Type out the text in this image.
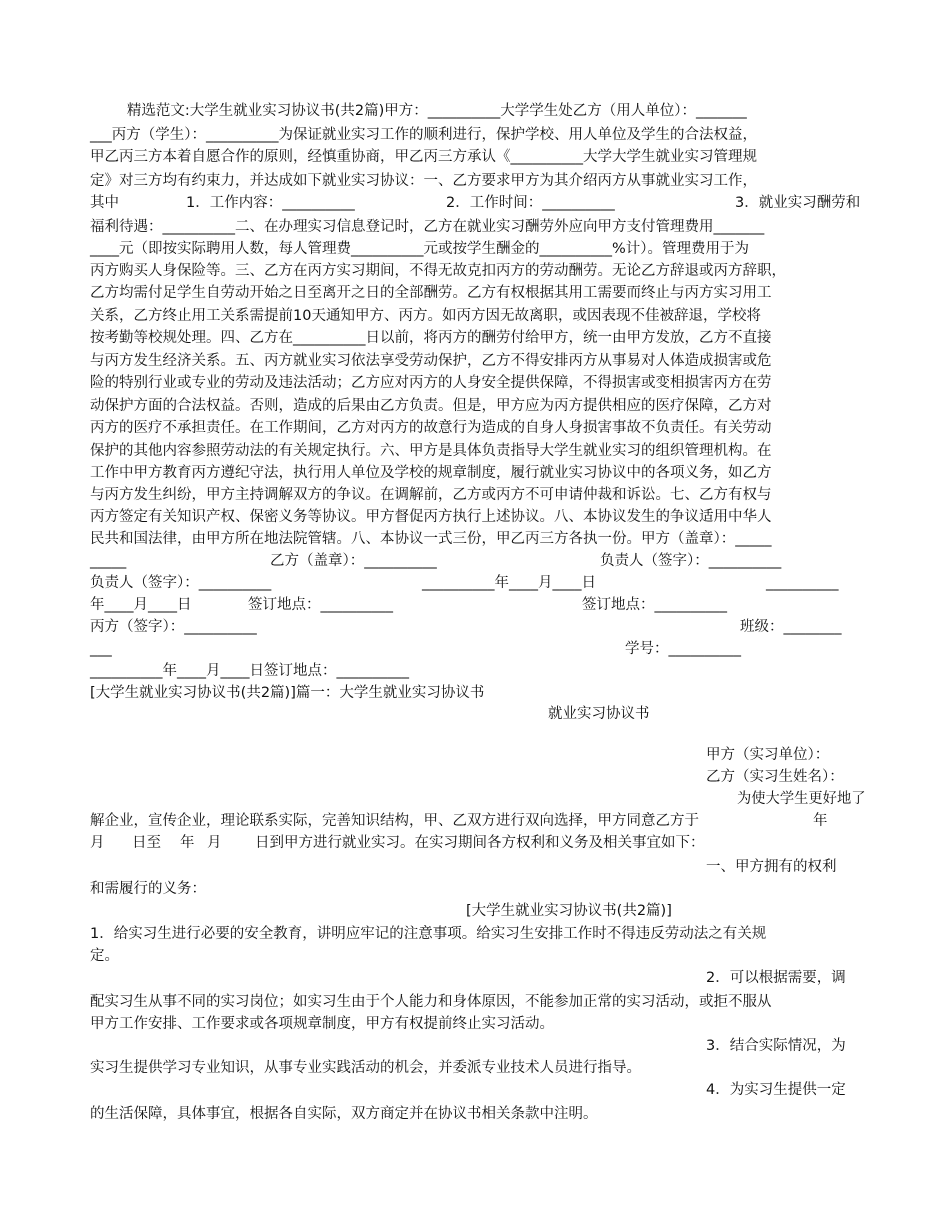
精选范文:大学生就业实习协议书(共2篇)甲方：__________大学学生处乙方（用人单位）：_______
___丙方（学生）：__________为保证就业实习工作的顺利进行，保护学校、用人单位及学生的合法权益，
甲乙丙三方本着自愿合作的原则，经慎重协商，甲乙丙三方承认《__________大学大学生就业实习管理规
定》对三方均有约束力，并达成如下就业实习协议：一、乙方要求甲方为其介绍丙方从事就业实习工作，
其中	1．工作内容：__________	2．工作时间：__________	3．就业实习酬劳和
福利待遇：__________二、在办理实习信息登记时，乙方在就业实习酬劳外应向甲方支付管理费用_______
____元（即按实际聘用人数，每人管理费__________元或按学生酬金的__________%计）。管理费用于为
丙方购买人身保险等。三、乙方在丙方实习期间，不得无故克扣丙方的劳动酬劳。无论乙方辞退或丙方辞职，
乙方均需付足学生自劳动开始之日至离开之日的全部酬劳。乙方有权根据其用工需要而终止与丙方实习用工
关系，乙方终止用工关系需提前10天通知甲方、丙方。如丙方因无故离职，或因表现不佳被辞退，学校将
按考勤等校规处理。四、乙方在__________日以前，将丙方的酬劳付给甲方，统一由甲方发放，乙方不直接
与丙方发生经济关系。五、丙方就业实习依法享受劳动保护，乙方不得安排丙方从事易对人体造成损害或危
险的特别行业或专业的劳动及违法活动；乙方应对丙方的人身安全提供保障，不得损害或变相损害丙方在劳
动保护方面的合法权益。否则，造成的后果由乙方负责。但是，甲方应为丙方提供相应的医疗保障，乙方对
丙方的医疗不承担责任。在工作期间，乙方对丙方的故意行为造成的自身人身损害事故不负责任。有关劳动
保护的其他内容参照劳动法的有关规定执行。六、甲方是具体负责指导大学生就业实习的组织管理机构。在
工作中甲方教育丙方遵纪守法，执行用人单位及学校的规章制度，履行就业实习协议中的各项义务，如乙方
与丙方发生纠纷，甲方主持调解双方的争议。在调解前，乙方或丙方不可申请仲裁和诉讼。七、乙方有权与
丙方签定有关知识产权、保密义务等协议。甲方督促丙方执行上述协议。八、本协议发生的争议适用中华人
民共和国法律，由甲方所在地法院管辖。八、本协议一式三份，甲乙丙三方各执一份。甲方（盖章）：_____
_____	乙方（盖章）：__________	负责人（签字）：__________
负责人（签字）：__________	__________年____月____日	__________
年____月____日	签订地点：__________	签订地点：__________
丙方（签字）：__________	班级：________
___	学号：__________
__________年____月____日签订地点：__________
[大学生就业实习协议书(共2篇)]篇一：大学生就业实习协议书
就业实习协议书
甲方（实习单位）：
乙方（实习生姓名）：
为使大学生更好地了
解企业，宣传企业，理论联系实际，完善知识结构，甲、乙双方进行双向选择，甲方同意乙方于	年
月 日至 年 月 日到甲方进行就业实习。在实习期间各方权利和义务及相关事宜如下：
一、甲方拥有的权利
和需履行的义务：
[大学生就业实习协议书(共2篇)]
1．给实习生进行必要的安全教育，讲明应牢记的注意事项。给实习生安排工作时不得违反劳动法之有关规
定。
2．可以根据需要，调
配实习生从事不同的实习岗位；如实习生由于个人能力和身体原因，不能参加正常的实习活动，或拒不服从
甲方工作安排、工作要求或各项规章制度，甲方有权提前终止实习活动。
3．结合实际情况，为
实习生提供学习专业知识，从事专业实践活动的机会，并委派专业技术人员进行指导。
4．为实习生提供一定
的生活保障，具体事宜，根据各自实际，双方商定并在协议书相关条款中注明。
